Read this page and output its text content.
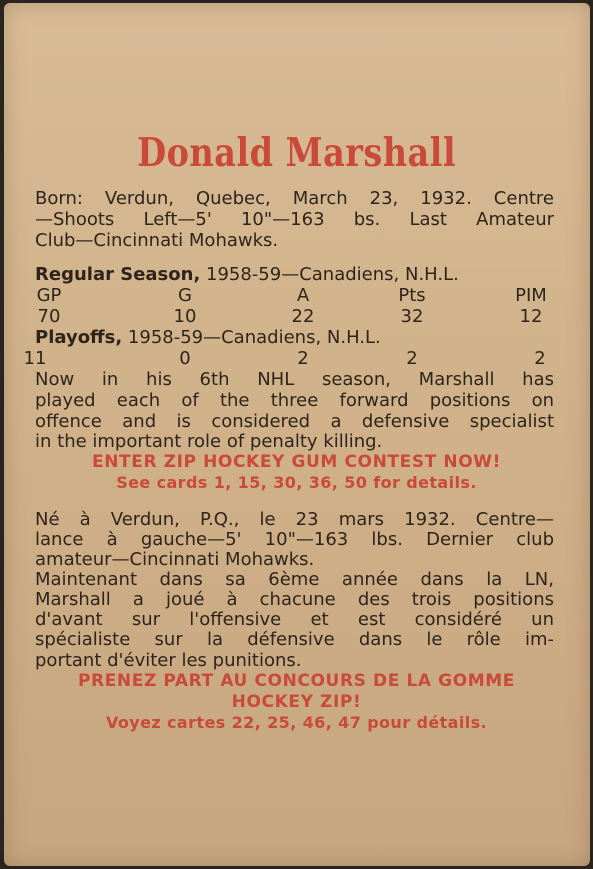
Donald Marshall

Born: Verdun, Quebec, March 23, 1932. Centre

—Shoots Left—5' 10"—163 bs. Last Amateur

Club—Cincinnati Mohawks.

Regular Season, 1958-59—Canadiens, N.H.L.

GP	G	A	Pts	PIM
70	10	22	32	12

Playoffs, 1958-59—Canadiens, N.H.L.

11	0	2	2	2

Now in his 6th NHL season, Marshall has

played each of the three forward positions on

offence and is considered a defensive specialist

in the important role of penalty killing.

ENTER ZIP HOCKEY GUM CONTEST NOW!

See cards 1, 15, 30, 36, 50 for details.

Né à Verdun, P.Q., le 23 mars 1932. Centre—

lance à gauche—5' 10"—163 lbs. Dernier club

amateur—Cincinnati Mohawks.

Maintenant dans sa 6ème année dans la LN,

Marshall a joué à chacune des trois positions

d'avant sur l'offensive et est considéré un

spécialiste sur la défensive dans le rôle im-

portant d'éviter les punitions.

PRENEZ PART AU CONCOURS DE LA GOMME

HOCKEY ZIP!

Voyez cartes 22, 25, 46, 47 pour détails.
